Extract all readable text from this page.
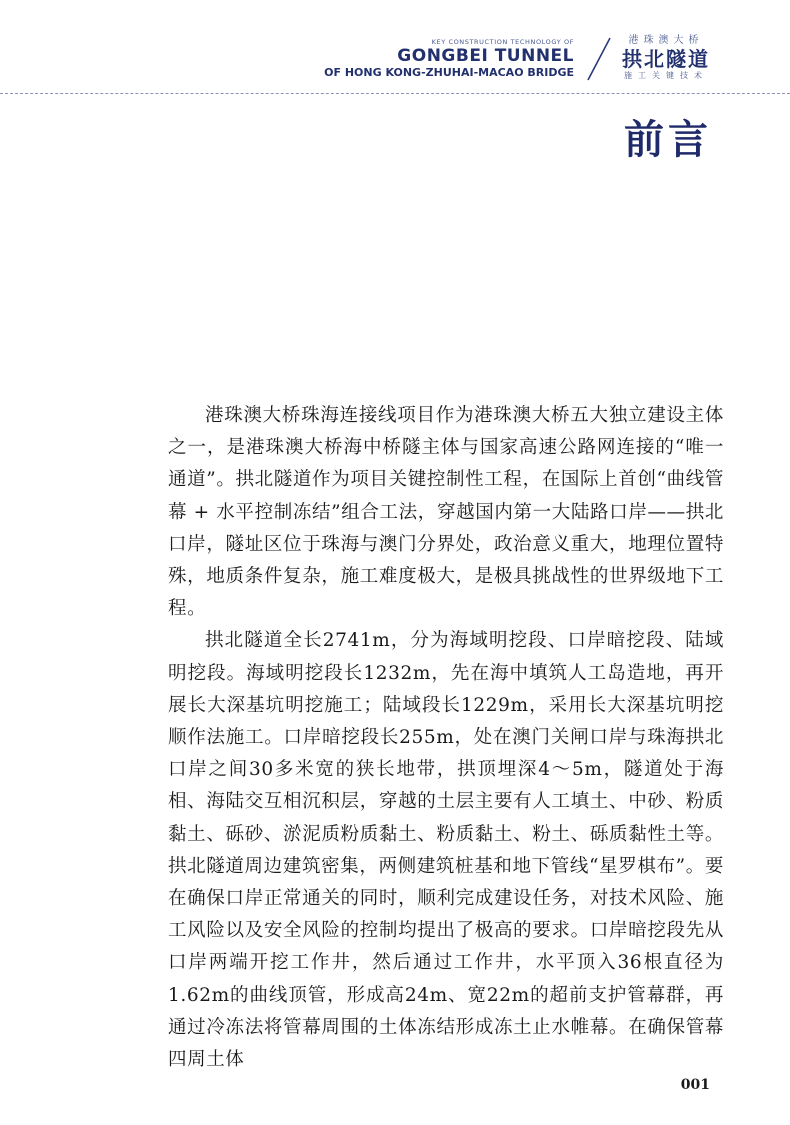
KEY CONSTRUCTION TECHNOLOGY OF
GONGBEI TUNNEL
OF HONG KONG-ZHUHAI-MACAO BRIDGE
港珠澳大桥
拱北隧道
施工关键技术
前言

港珠澳大桥珠海连接线项目作为港珠澳大桥五大独立建设主体之一，是港珠澳大桥海中桥隧主体与国家高速公路网连接的“唯一通道”。拱北隧道作为项目关键控制性工程，在国际上首创“曲线管幕 + 水平控制冻结”组合工法，穿越国内第一大陆路口岸——拱北口岸，隧址区位于珠海与澳门分界处，政治意义重大，地理位置特殊，地质条件复杂，施工难度极大，是极具挑战性的世界级地下工程。

拱北隧道全长2741m，分为海域明挖段、口岸暗挖段、陆域明挖段。海域明挖段长1232m，先在海中填筑人工岛造地，再开展长大深基坑明挖施工；陆域段长1229m，采用长大深基坑明挖顺作法施工。口岸暗挖段长255m，处在澳门关闸口岸与珠海拱北口岸之间30多米宽的狭长地带，拱顶埋深4～5m，隧道处于海相、海陆交互相沉积层，穿越的土层主要有人工填土、中砂、粉质黏土、砾砂、淤泥质粉质黏土、粉质黏土、粉土、砾质黏性土等。拱北隧道周边建筑密集，两侧建筑桩基和地下管线“星罗棋布”。要在确保口岸正常通关的同时，顺利完成建设任务，对技术风险、施工风险以及安全风险的控制均提出了极高的要求。口岸暗挖段先从口岸两端开挖工作井，然后通过工作井，水平顶入36根直径为1.62m的曲线顶管，形成高24m、宽22m的超前支护管幕群，再通过冷冻法将管幕周围的土体冻结形成冻土止水帷幕。在确保管幕四周土体

001
